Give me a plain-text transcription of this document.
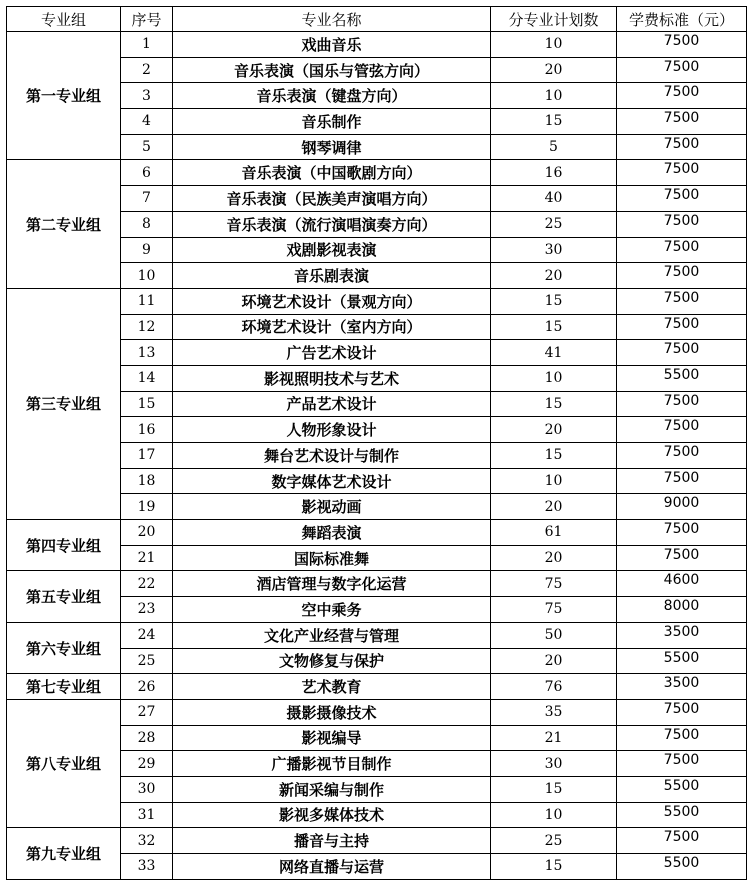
专业组	序号	专业名称	分专业计划数	学费标准（元）
第一专业组	1	戏曲音乐	10	7500
	2	音乐表演（国乐与管弦方向）	20	7500
	3	音乐表演（键盘方向）	10	7500
	4	音乐制作	15	7500
	5	钢琴调律	5	7500
第二专业组	6	音乐表演（中国歌剧方向）	16	7500
	7	音乐表演（民族美声演唱方向）	40	7500
	8	音乐表演（流行演唱演奏方向）	25	7500
	9	戏剧影视表演	30	7500
	10	音乐剧表演	20	7500
第三专业组	11	环境艺术设计（景观方向）	15	7500
	12	环境艺术设计（室内方向）	15	7500
	13	广告艺术设计	41	7500
	14	影视照明技术与艺术	10	5500
	15	产品艺术设计	15	7500
	16	人物形象设计	20	7500
	17	舞台艺术设计与制作	15	7500
	18	数字媒体艺术设计	10	7500
	19	影视动画	20	9000
第四专业组	20	舞蹈表演	61	7500
	21	国际标准舞	20	7500
第五专业组	22	酒店管理与数字化运营	75	4600
	23	空中乘务	75	8000
第六专业组	24	文化产业经营与管理	50	3500
	25	文物修复与保护	20	5500
第七专业组	26	艺术教育	76	3500
第八专业组	27	摄影摄像技术	35	7500
	28	影视编导	21	7500
	29	广播影视节目制作	30	7500
	30	新闻采编与制作	15	5500
	31	影视多媒体技术	10	5500
第九专业组	32	播音与主持	25	7500
	33	网络直播与运营	15	5500
